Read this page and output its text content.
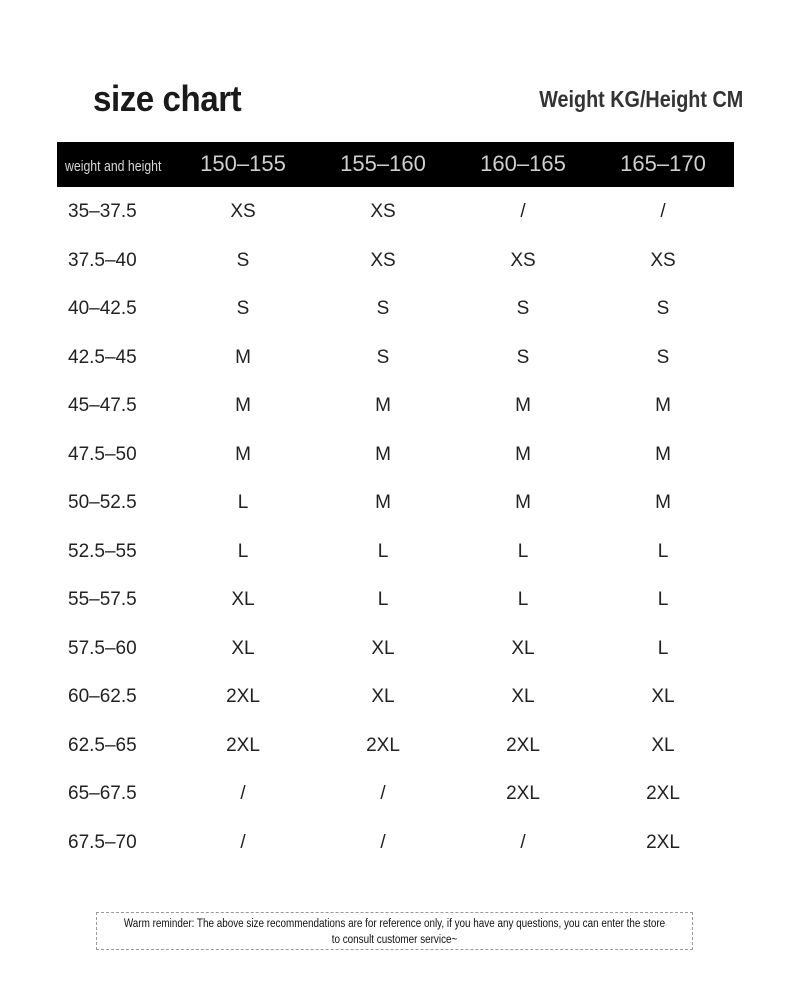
size chart	Weight KG/Height CM
weight and height	150–155	155–160	160–165	165–170
35–37.5	XS	XS	/	/
37.5–40	S	XS	XS	XS
40–42.5	S	S	S	S
42.5–45	M	S	S	S
45–47.5	M	M	M	M
47.5–50	M	M	M	M
50–52.5	L	M	M	M
52.5–55	L	L	L	L
55–57.5	XL	L	L	L
57.5–60	XL	XL	XL	L
60–62.5	2XL	XL	XL	XL
62.5–65	2XL	2XL	2XL	XL
65–67.5	/	/	2XL	2XL
67.5–70	/	/	/	2XL
Warm reminder: The above size recommendations are for reference only, if you have any questions, you can enter the store to consult customer service~
